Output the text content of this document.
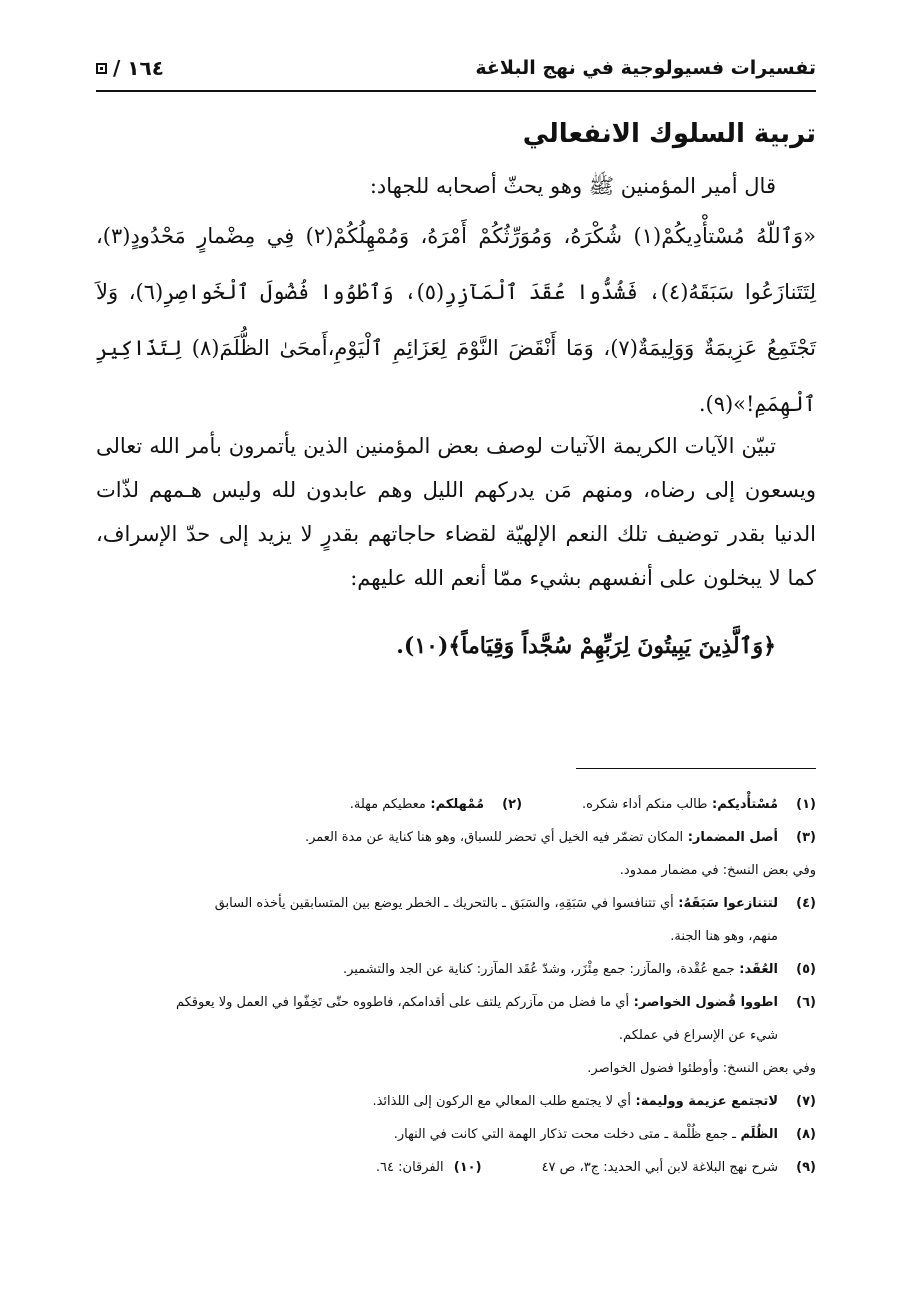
تفسيرات فسيولوجية في نهج البلاغة
١٦٤ /
تربية السلوك الانفعالي
قال أمير المؤمنين ﷺ وهو يحثّ أصحابه للجهاد:
«وَٱللّهُ مُسْتأْدِيكُمْ(١) شُكْرَهُ، وَمُوَرِّثُكُمْ أَمْرَهُ، وَمُمْهِلُكُمْ(٢) فِي مِضْمارٍ مَحْدُودٍ(٣)، لِتَتَنازَعُوا سَبَقَهُ(٤)، فَشُدُّوا عُقَدَ ٱلْمَآزِرِ(٥)، وَٱطْوُوا فُضُولَ ٱلْخَواصِرِ(٦)، وَلاَ تَجْتَمِعُ عَزِيمَةٌ وَوَلِيمَةٌ(٧)، وَمَا أَنْقَضَ النَّوْمَ لِعَزَائِمِ ٱلْيَوْمِ،أَمحَىٰ الظُّلَمَ(٨) لِتَذَاكِيرِ ٱلْهِمَمِ!»(٩).
تبيّن الآيات الكريمة الآتيات لوصف بعض المؤمنين الذين يأتمرون بأمر الله تعالى ويسعون إلى رضاه، ومنهم مَن يدركهم الليل وهم عابدون لله وليس هـمهم لذّات الدنيا بقدر توضيف تلك النعم الإلهيّة لقضاء حاجاتهم بقدرٍ لا يزيد إلى حدّ الإسراف، كما لا يبخلون على أنفسهم بشيء ممّا أنعم الله عليهم:
﴿وَٱلَّذِينَ يَبِيتُونَ لِرَبِّهِمْ سُجَّداً وَقِيَاماً﴾(١٠).
(١)
مُسْتأْديكم: طالب منكم أداء شكره.
(٢)
مُمْهلكم: معطيكم مهلة.
(٣)
أصل المضمار: المكان تضمّر فيه الخيل أي تحضر للسباق، وهو هنا كناية عن مدة العمر.
وفي بعض النسخ: في مضمار ممدود.
(٤)
لتتنازعوا سَبَقَهُ: أي تتنافسوا في سَبَقِهِ، والسَبَق ـ بالتحريك ـ الخطر يوضع بين المتسابقين يأخذه السابق
منهم، وهو هنا الجنة.
(٥)
العُقَد: جمع عُقْدة، والمآزر: جمع مِئْزَر، وشدّ عُقَد المآزر: كناية عن الجد والتشمير.
(٦)
اطووا فُضول الخواصر: أي ما فضل من مآزركم يلتف على أقدامكم، فاطووه حتّى تَخِفّوا في العمل ولا يعوقكم
شيء عن الإسراع في عملكم.
وفي بعض النسخ: وأوطئوا فضول الخواصر.
(٧)
لاتجتمع عزيمة ووليمة: أي لا يجتمع طلب المعالي مع الركون إلى اللذائذ.
(٨)
الظُلَم ـ جمع ظُلْمة ـ متى دخلت محت تذكار الهمة التي كانت في النهار.
(٩)
شرح نهج البلاغة لابن أبي الحديد: ج٣، ص ٤٧
(١٠)
الفرقان: ٦٤.
